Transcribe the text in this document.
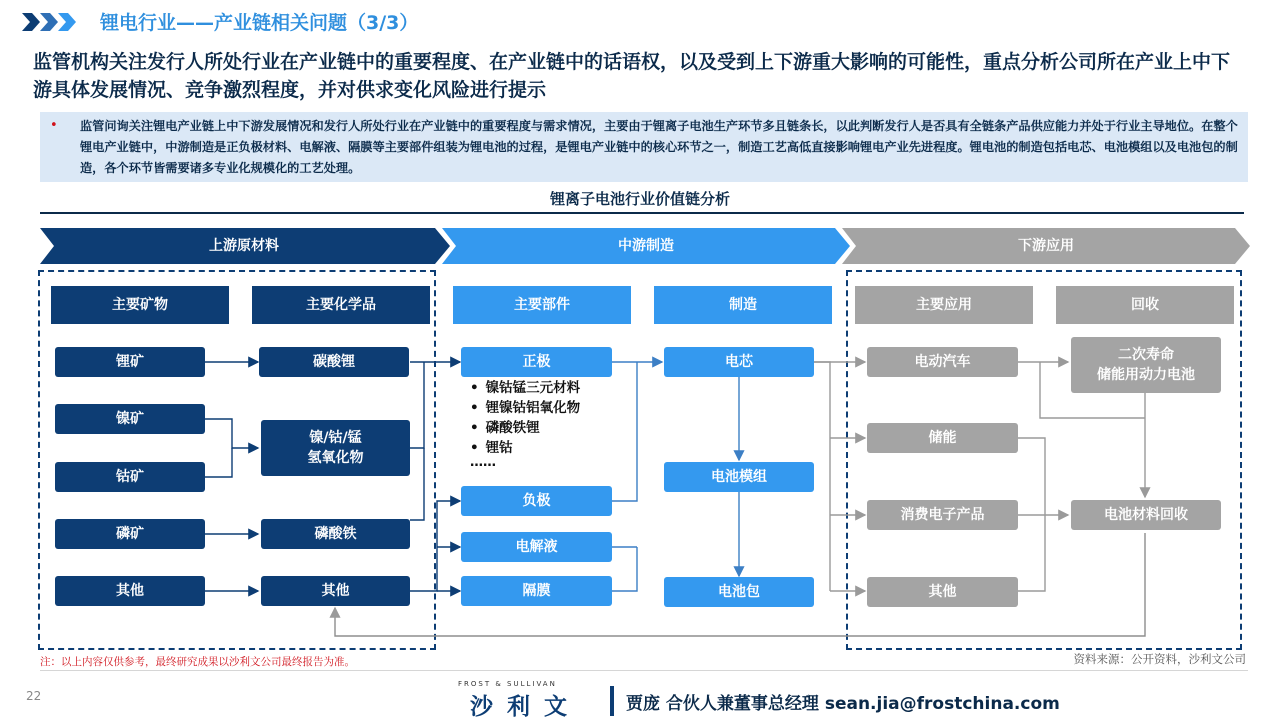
锂电行业——产业链相关问题（3/3）
监管机构关注发行人所处行业在产业链中的重要程度、在产业链中的话语权，以及受到上下游重大影响的可能性，重点分析公司所在产业上中下游具体发展情况、竞争激烈程度，并对供求变化风险进行提示
• 监管问询关注锂电产业链上中下游发展情况和发行人所处行业在产业链中的重要程度与需求情况，主要由于锂离子电池生产环节多且链条长，以此判断发行人是否具有全链条产品供应能力并处于行业主导地位。在整个锂电产业链中，中游制造是正负极材料、电解液、隔膜等主要部件组装为锂电池的过程，是锂电产业链中的核心环节之一，制造工艺高低直接影响锂电产业先进程度。锂电池的制造包括电芯、电池模组以及电池包的制造，各个环节皆需要诸多专业化规模化的工艺处理。
锂离子电池行业价值链分析
上游原材料	中游制造	下游应用
主要矿物	主要化学品	主要部件	制造	主要应用	回收
锂矿
镍矿
钴矿
磷矿
其他
碳酸锂
镍/钴/锰
氢氧化物
磷酸铁
其他
正极
• 镍钴锰三元材料
• 锂镍钴铝氧化物
• 磷酸铁锂
• 锂钴
……
负极
电解液
隔膜
电芯
电池模组
电池包
电动汽车
储能
消费电子产品
其他
二次寿命
储能用动力电池
电池材料回收
注：以上内容仅供参考，最终研究成果以沙利文公司最终报告为准。	资料来源：公开资料，沙利文公司
22
FROST & SULLIVAN
沙利文	贾庞 合伙人兼董事总经理 sean.jia@frostchina.com
